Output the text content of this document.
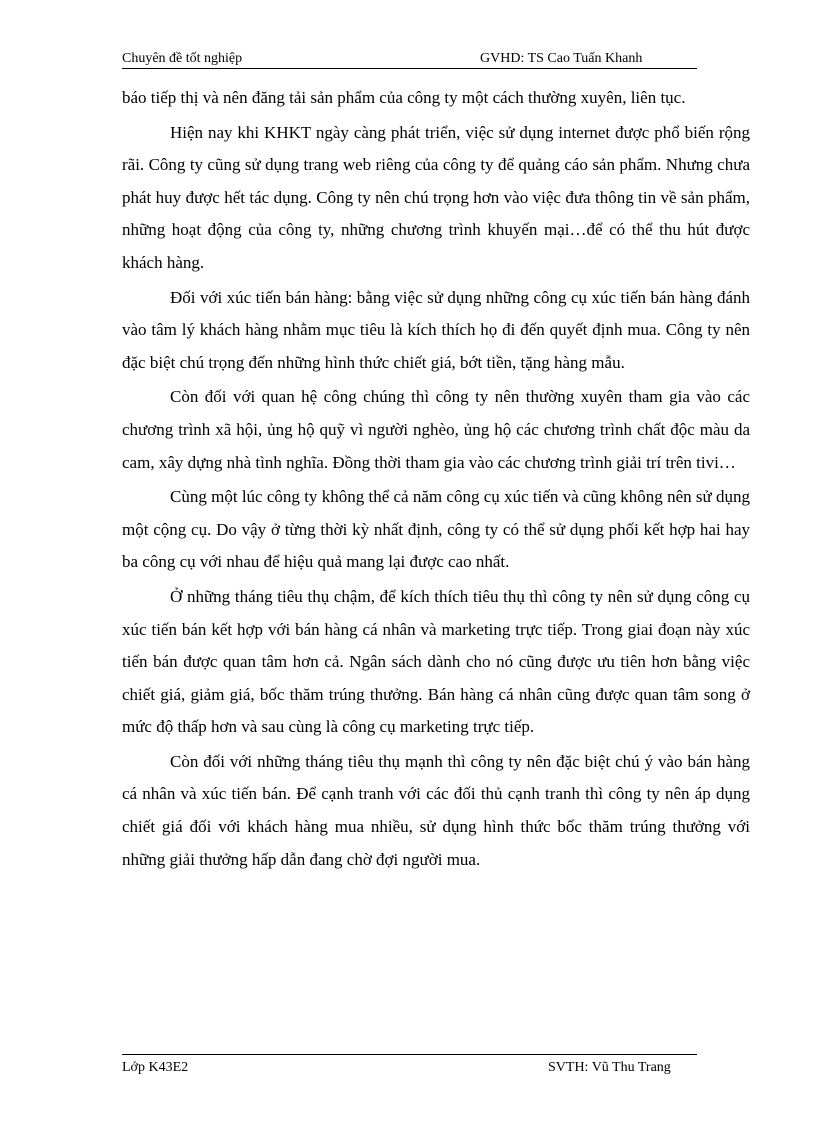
Chuyên đề tốt nghiệp	GVHD: TS Cao Tuấn Khanh

báo tiếp thị và nên đăng tải sản phẩm của công ty một cách thường xuyên, liên tục.

Hiện nay khi KHKT ngày càng phát triển, việc sử dụng internet được phổ biến rộng rãi. Công ty cũng sử dụng trang web riêng của công ty để quảng cáo sản phẩm. Nhưng chưa phát huy được hết tác dụng. Công ty nên chú trọng hơn vào việc đưa thông tin về sản phẩm, những hoạt động của công ty, những chương trình khuyến mại…để có thể thu hút được khách hàng.

Đối với xúc tiến bán hàng: bằng việc sử dụng những công cụ xúc tiến bán hàng đánh vào tâm lý khách hàng nhằm mục tiêu là kích thích họ đi đến quyết định mua. Công ty nên đặc biệt chú trọng đến những hình thức chiết giá, bớt tiền, tặng hàng mẫu.

Còn đối với quan hệ công chúng thì công ty nên thường xuyên tham gia vào các chương trình xã hội, ủng hộ quỹ vì người nghèo, ủng hộ các chương trình chất độc màu da cam, xây dựng nhà tình nghĩa. Đồng thời tham gia vào các chương trình giải trí trên tivi…

Cùng một lúc công ty không thể cả năm công cụ xúc tiến và cũng không nên sử dụng một cộng cụ. Do vậy ở từng thời kỳ nhất định, công ty có thể sử dụng phối kết hợp hai hay ba công cụ với nhau để hiệu quả mang lại được cao nhất.

Ở những tháng tiêu thụ chậm, để kích thích tiêu thụ thì công ty nên sử dụng công cụ xúc tiến bán kết hợp với bán hàng cá nhân và marketing trực tiếp. Trong giai đoạn này xúc tiến bán được quan tâm hơn cả. Ngân sách dành cho nó cũng được ưu tiên hơn bằng việc chiết giá, giảm giá, bốc thăm trúng thưởng. Bán hàng cá nhân cũng được quan tâm song ở mức độ thấp hơn và sau cùng là công cụ marketing trực tiếp.

Còn đối với những tháng tiêu thụ mạnh thì công ty nên đặc biệt chú ý vào bán hàng cá nhân và xúc tiến bán. Để cạnh tranh với các đối thủ cạnh tranh thì công ty nên áp dụng chiết giá đối với khách hàng mua nhiều, sử dụng hình thức bốc thăm trúng thưởng với những giải thưởng hấp dẫn đang chờ đợi người mua.

Lớp K43E2	SVTH: Vũ Thu Trang
